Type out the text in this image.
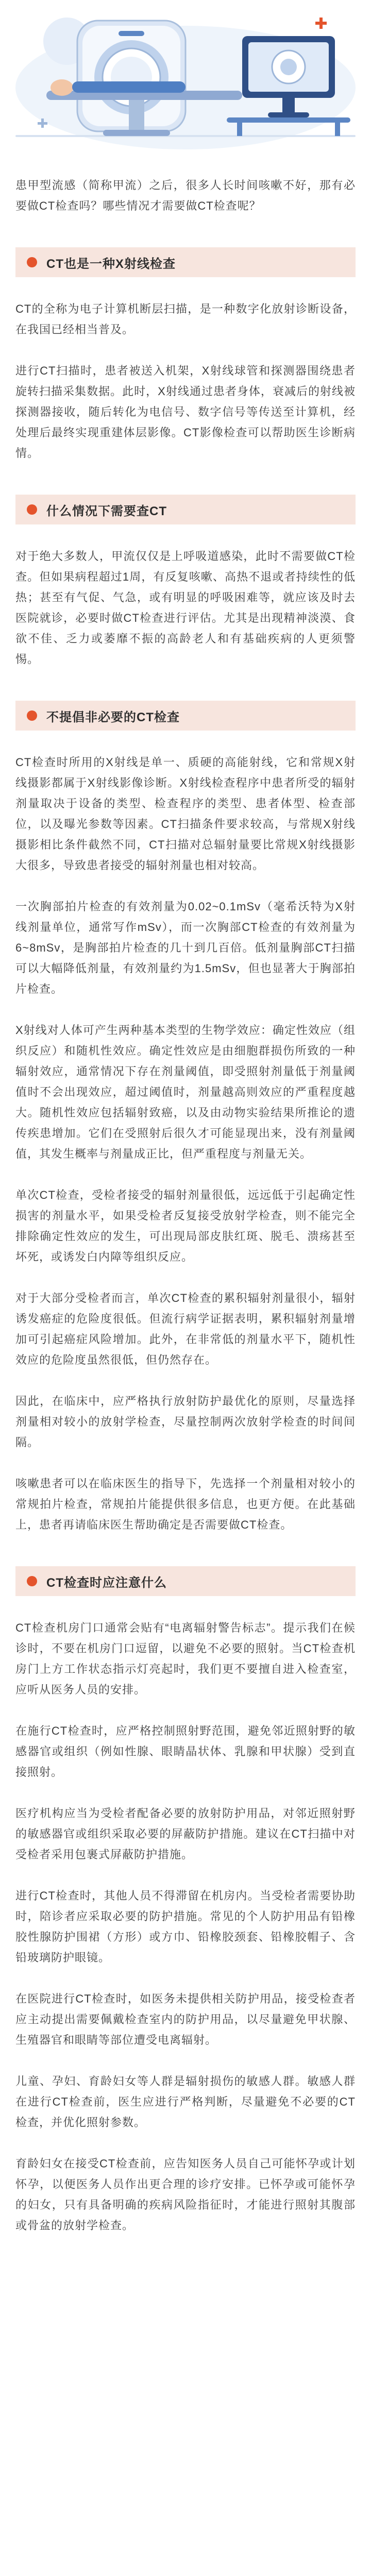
患甲型流感（简称甲流）之后，很多人长时间咳嗽不好，那有必要做CT检查吗？哪些情况才需要做CT检查呢？

CT也是一种X射线检查

CT的全称为电子计算机断层扫描，是一种数字化放射诊断设备，在我国已经相当普及。

进行CT扫描时，患者被送入机架，X射线球管和探测器围绕患者旋转扫描采集数据。此时，X射线通过患者身体，衰减后的射线被探测器接收，随后转化为电信号、数字信号等传送至计算机，经处理后最终实现重建体层影像。CT影像检查可以帮助医生诊断病情。

什么情况下需要查CT

对于绝大多数人，甲流仅仅是上呼吸道感染，此时不需要做CT检查。但如果病程超过1周，有反复咳嗽、高热不退或者持续性的低热；甚至有气促、气急，或有明显的呼吸困难等，就应该及时去医院就诊，必要时做CT检查进行评估。尤其是出现精神淡漠、食欲不佳、乏力或萎靡不振的高龄老人和有基础疾病的人更须警惕。

不提倡非必要的CT检查

CT检查时所用的X射线是单一、质硬的高能射线，它和常规X射线摄影都属于X射线影像诊断。X射线检查程序中患者所受的辐射剂量取决于设备的类型、检查程序的类型、患者体型、检查部位，以及曝光参数等因素。CT扫描条件要求较高，与常规X射线摄影相比条件截然不同，CT扫描对总辐射量要比常规X射线摄影大很多，导致患者接受的辐射剂量也相对较高。

一次胸部拍片检查的有效剂量为0.02~0.1mSv（毫希沃特为X射线剂量单位，通常写作mSv），而一次胸部CT检查的有效剂量为6~8mSv，是胸部拍片检查的几十到几百倍。低剂量胸部CT扫描可以大幅降低剂量，有效剂量约为1.5mSv，但也显著大于胸部拍片检查。

X射线对人体可产生两种基本类型的生物学效应：确定性效应（组织反应）和随机性效应。确定性效应是由细胞群损伤所致的一种辐射效应，通常情况下存在剂量阈值，即受照射剂量低于剂量阈值时不会出现效应，超过阈值时，剂量越高则效应的严重程度越大。随机性效应包括辐射致癌，以及由动物实验结果所推论的遗传疾患增加。它们在受照射后很久才可能显现出来，没有剂量阈值，其发生概率与剂量成正比，但严重程度与剂量无关。

单次CT检查，受检者接受的辐射剂量很低，远远低于引起确定性损害的剂量水平，如果受检者反复接受放射学检查，则不能完全排除确定性效应的发生，可出现局部皮肤红斑、脱毛、溃疡甚至坏死，或诱发白内障等组织反应。

对于大部分受检者而言，单次CT检查的累积辐射剂量很小，辐射诱发癌症的危险度很低。但流行病学证据表明，累积辐射剂量增加可引起癌症风险增加。此外，在非常低的剂量水平下，随机性效应的危险度虽然很低，但仍然存在。

因此，在临床中，应严格执行放射防护最优化的原则，尽量选择剂量相对较小的放射学检查，尽量控制两次放射学检查的时间间隔。

咳嗽患者可以在临床医生的指导下，先选择一个剂量相对较小的常规拍片检查，常规拍片能提供很多信息，也更方便。在此基础上，患者再请临床医生帮助确定是否需要做CT检查。

CT检查时应注意什么

CT检查机房门口通常会贴有“电离辐射警告标志”。提示我们在候诊时，不要在机房门口逗留，以避免不必要的照射。当CT检查机房门上方工作状态指示灯亮起时，我们更不要擅自进入检查室，应听从医务人员的安排。

在施行CT检查时，应严格控制照射野范围，避免邻近照射野的敏感器官或组织（例如性腺、眼睛晶状体、乳腺和甲状腺）受到直接照射。

医疗机构应当为受检者配备必要的放射防护用品，对邻近照射野的敏感器官或组织采取必要的屏蔽防护措施。建议在CT扫描中对受检者采用包裹式屏蔽防护措施。

进行CT检查时，其他人员不得滞留在机房内。当受检者需要协助时，陪诊者应采取必要的防护措施。常见的个人防护用品有铅橡胶性腺防护围裙（方形）或方巾、铅橡胶颈套、铅橡胶帽子、含铅玻璃防护眼镜。

在医院进行CT检查时，如医务未提供相关防护用品，接受检查者应主动提出需要佩戴检查室内的防护用品，以尽量避免甲状腺、生殖器官和眼睛等部位遭受电离辐射。

儿童、孕妇、育龄妇女等人群是辐射损伤的敏感人群。敏感人群在进行CT检查前，医生应进行严格判断，尽量避免不必要的CT检查，并优化照射参数。

育龄妇女在接受CT检查前，应告知医务人员自己可能怀孕或计划怀孕，以便医务人员作出更合理的诊疗安排。已怀孕或可能怀孕的妇女，只有具备明确的疾病风险指征时，才能进行照射其腹部或骨盆的放射学检查。
